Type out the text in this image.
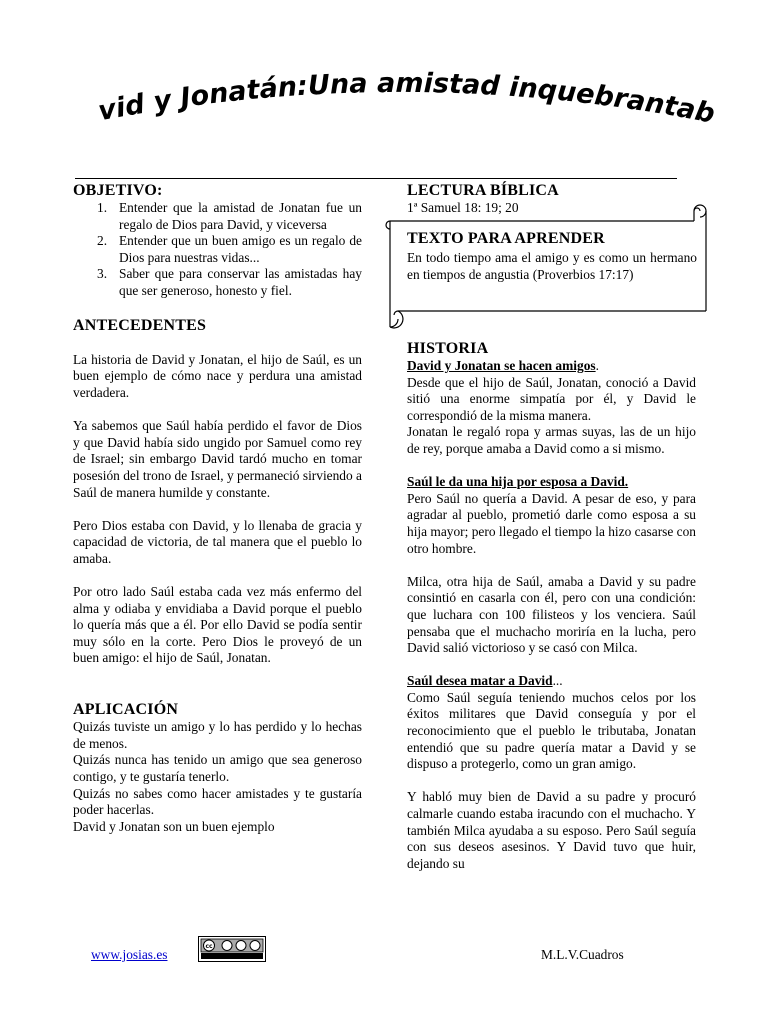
vid y Jonatán:Una amistad inquebrantab
OBJETIVO:
1. Entender que la amistad de Jonatan fue un regalo de Dios para David, y viceversa
2. Entender que un buen amigo es un regalo de Dios para nuestras vidas...
3. Saber que para conservar las amistadas hay que ser generoso, honesto y fiel.
ANTECEDENTES

La historia de David y Jonatan, el hijo de Saúl, es un buen ejemplo de cómo nace y perdura una amistad verdadera.

Ya sabemos que Saúl había perdido el favor de Dios y que David había sido ungido por Samuel como rey de Israel; sin embargo David tardó mucho en tomar posesión del trono de Israel, y permaneció sirviendo a Saúl de manera humilde y constante.

Pero Dios estaba con David, y lo llenaba de gracia y capacidad de victoria, de tal manera que el pueblo lo amaba.

Por otro lado Saúl estaba cada vez más enfermo del alma y odiaba y envidiaba a David porque el pueblo lo quería más que a él. Por ello David se podía sentir muy sólo en la corte. Pero Dios le proveyó de un buen amigo: el hijo de Saúl, Jonatan.

APLICACIÓN

Quizás tuviste un amigo y lo has perdido y lo hechas de menos.

Quizás nunca has tenido un amigo que sea generoso contigo, y te gustaría tenerlo.

Quizás no sabes como hacer amistades y te gustaría poder hacerlas.

David y Jonatan son un buen ejemplo

LECTURA BÍBLICA
1ª Samuel 18: 19; 20
TEXTO PARA APRENDER

En todo tiempo ama el amigo y es como un hermano en tiempos de angustia (Proverbios 17:17)

HISTORIA
David y Jonatan se hacen amigos.

Desde que el hijo de Saúl, Jonatan, conoció a David sitió una enorme simpatía por él, y David le correspondió de la misma manera.

Jonatan le regaló ropa y armas suyas, las de un hijo de rey, porque amaba a David como a si mismo.

Saúl le da una hija por esposa a David.

Pero Saúl no quería a David. A pesar de eso, y para agradar al pueblo, prometió darle como esposa a su hija mayor; pero llegado el tiempo la hizo casarse con otro hombre.

Milca, otra hija de Saúl, amaba a David y su padre consintió en casarla con él, pero con una condición: que luchara con 100 filisteos y los venciera. Saúl pensaba que el muchacho moriría en la lucha, pero David salió victorioso y se casó con Milca.

Saúl desea matar a David...

Como Saúl seguía teniendo muchos celos por los éxitos militares que David conseguía y por el reconocimiento que el pueblo le tributaba, Jonatan entendió que su padre quería matar a David y se dispuso a protegerlo, como un gran amigo.

Y habló muy bien de David a su padre y procuró calmarle cuando estaba iracundo con el muchacho. Y también Milca ayudaba a su esposo. Pero Saúl seguía con sus deseos asesinos. Y David tuvo que huir, dejando su

www.josias.es
cc
M.L.V.Cuadros
